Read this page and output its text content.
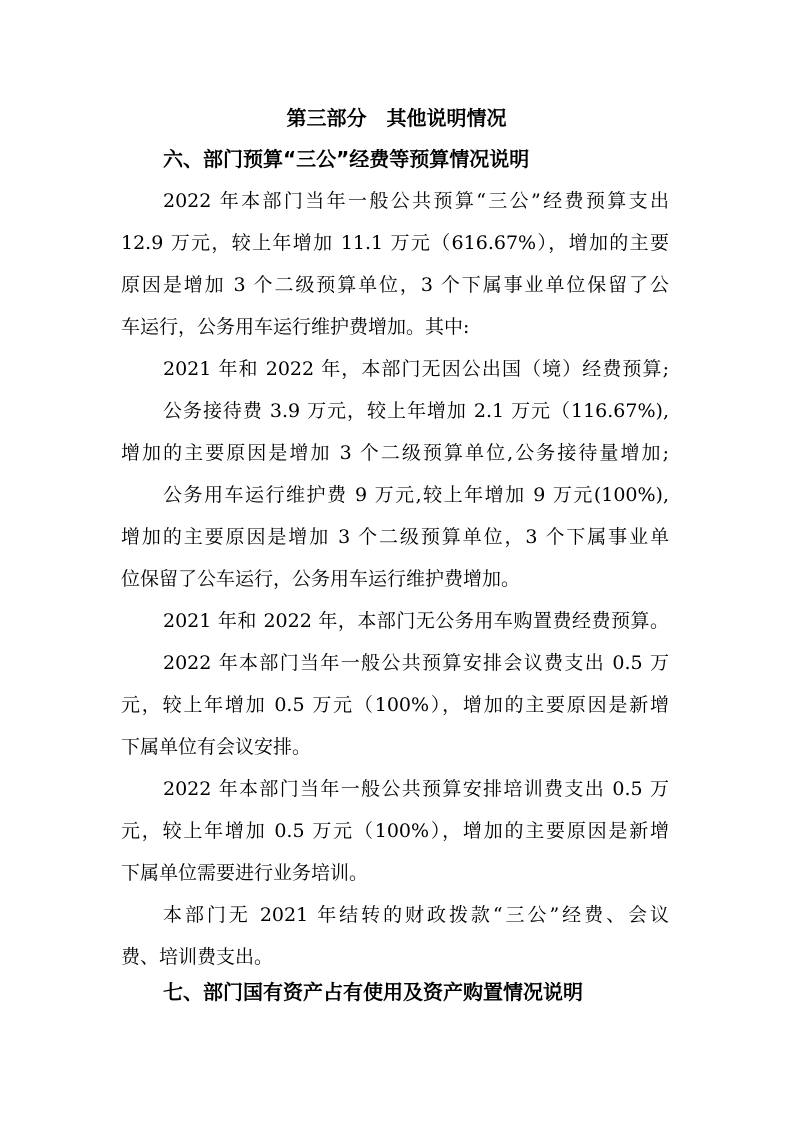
第三部分　其他说明情况
六、部门预算“三公”经费等预算情况说明
2022 年本部门当年一般公共预算“三公”经费预算支出
12.9 万元，较上年增加 11.1 万元（616.67%），增加的主要
原因是增加 3 个二级预算单位，3 个下属事业单位保留了公
车运行，公务用车运行维护费增加。其中:
2021 年和 2022 年，本部门无因公出国（境）经费预算;
公务接待费 3.9 万元，较上年增加 2.1 万元（116.67%),
增加的主要原因是增加 3 个二级预算单位,公务接待量增加;
公务用车运行维护费 9 万元,较上年增加 9 万元(100%),
增加的主要原因是增加 3 个二级预算单位，3 个下属事业单
位保留了公车运行，公务用车运行维护费增加。
2021 年和 2022 年，本部门无公务用车购置费经费预算。
2022 年本部门当年一般公共预算安排会议费支出 0.5 万
元，较上年增加 0.5 万元（100%），增加的主要原因是新增
下属单位有会议安排。
2022 年本部门当年一般公共预算安排培训费支出 0.5 万
元，较上年增加 0.5 万元（100%），增加的主要原因是新增
下属单位需要进行业务培训。
本部门无 2021 年结转的财政拨款“三公”经费、会议
费、培训费支出。
七、部门国有资产占有使用及资产购置情况说明
